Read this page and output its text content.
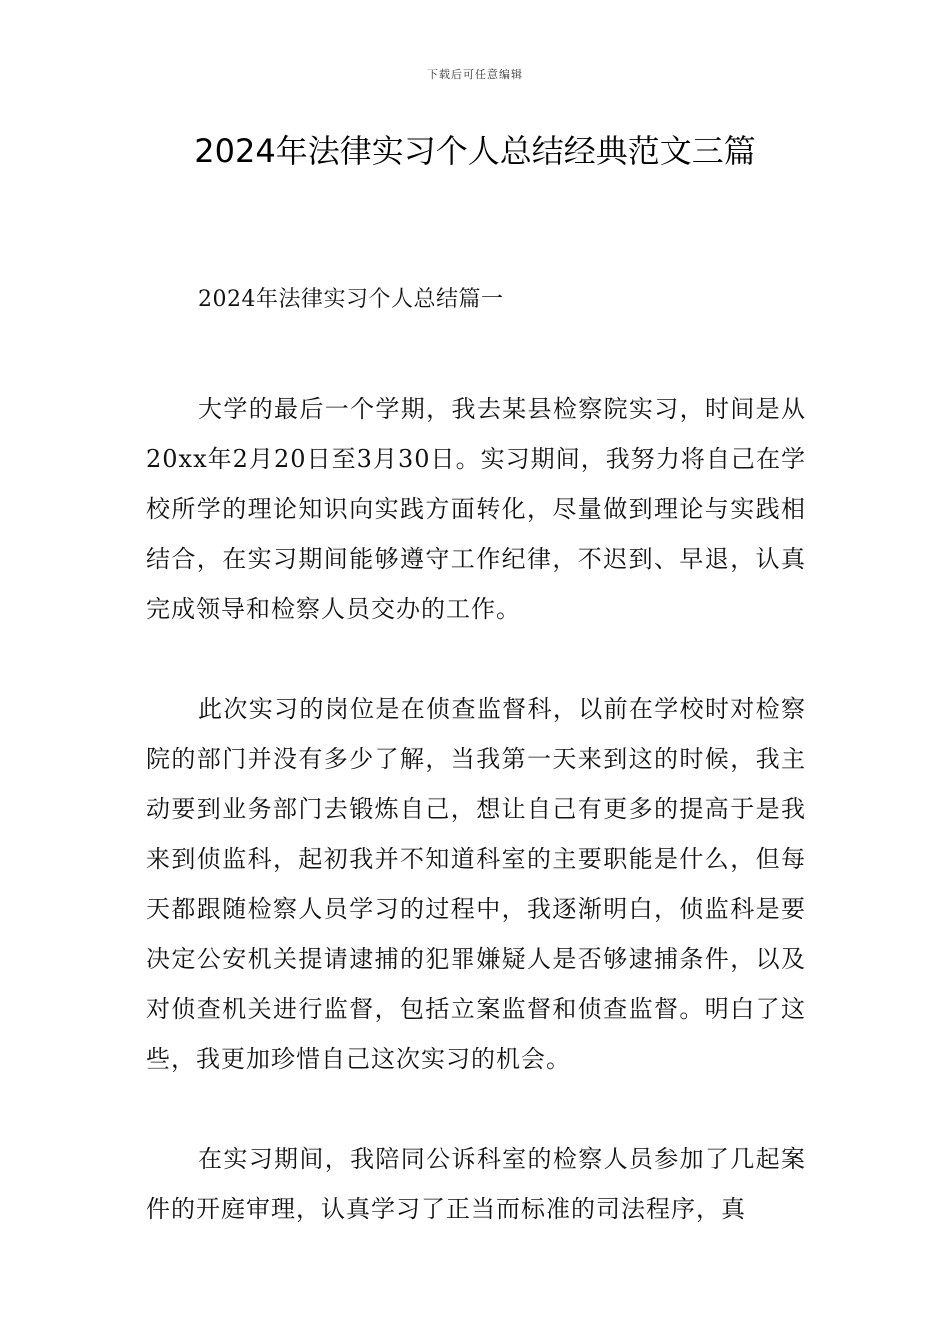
下载后可任意编辑
2024年法律实习个人总结经典范文三篇

2024年法律实习个人总结篇一

大学的最后一个学期，我去某县检察院实习，时间是从20xx年2月20日至3月30日。实习期间，我努力将自己在学校所学的理论知识向实践方面转化，尽量做到理论与实践相结合，在实习期间能够遵守工作纪律，不迟到、早退，认真完成领导和检察人员交办的工作。

此次实习的岗位是在侦查监督科，以前在学校时对检察院的部门并没有多少了解，当我第一天来到这的时候，我主动要到业务部门去锻炼自己，想让自己有更多的提高于是我来到侦监科，起初我并不知道科室的主要职能是什么，但每天都跟随检察人员学习的过程中，我逐渐明白，侦监科是要决定公安机关提请逮捕的犯罪嫌疑人是否够逮捕条件，以及对侦查机关进行监督，包括立案监督和侦查监督。明白了这些，我更加珍惜自己这次实习的机会。

在实习期间，我陪同公诉科室的检察人员参加了几起案件的开庭审理，认真学习了正当而标准的司法程序，真
